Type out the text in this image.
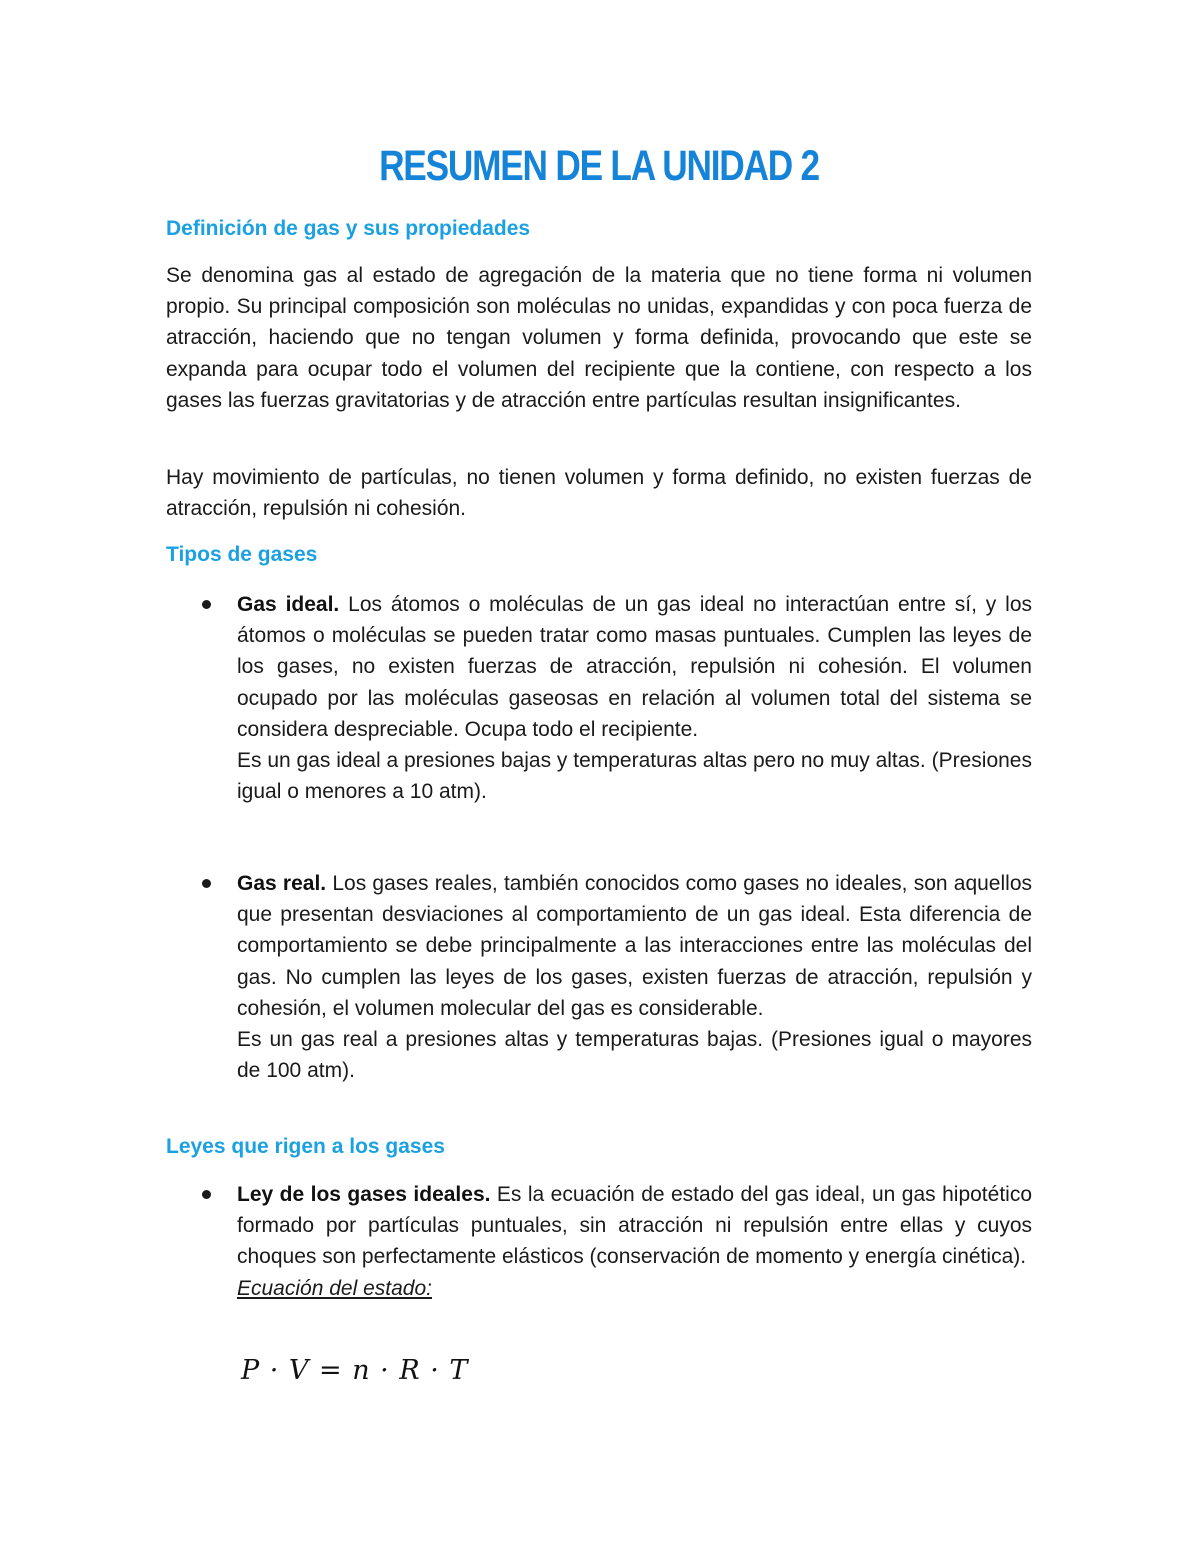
RESUMEN DE LA UNIDAD 2
Definición de gas y sus propiedades

Se denomina gas al estado de agregación de la materia que no tiene forma ni volumen propio. Su principal composición son moléculas no unidas, expandidas y con poca fuerza de atracción, haciendo que no tengan volumen y forma definida, provocando que este se expanda para ocupar todo el volumen del recipiente que la contiene, con respecto a los gases las fuerzas gravitatorias y de atracción entre partículas resultan insignificantes.

Hay movimiento de partículas, no tienen volumen y forma definido, no existen fuerzas de atracción, repulsión ni cohesión.

Tipos de gases

Gas ideal. Los átomos o moléculas de un gas ideal no interactúan entre sí, y los átomos o moléculas se pueden tratar como masas puntuales. Cumplen las leyes de los gases, no existen fuerzas de atracción, repulsión ni cohesión. El volumen ocupado por las moléculas gaseosas en relación al volumen total del sistema se considera despreciable. Ocupa todo el recipiente.
Es un gas ideal a presiones bajas y temperaturas altas pero no muy altas. (Presiones igual o menores a 10 atm).

Gas real. Los gases reales, también conocidos como gases no ideales, son aquellos que presentan desviaciones al comportamiento de un gas ideal. Esta diferencia de comportamiento se debe principalmente a las interacciones entre las moléculas del gas. No cumplen las leyes de los gases, existen fuerzas de atracción, repulsión y cohesión, el volumen molecular del gas es considerable.
Es un gas real a presiones altas y temperaturas bajas. (Presiones igual o mayores de 100 atm).

Leyes que rigen a los gases

Ley de los gases ideales. Es la ecuación de estado del gas ideal, un gas hipotético formado por partículas puntuales, sin atracción ni repulsión entre ellas y cuyos choques son perfectamente elásticos (conservación de momento y energía cinética).
Ecuación del estado:

P · V = n · R · T
